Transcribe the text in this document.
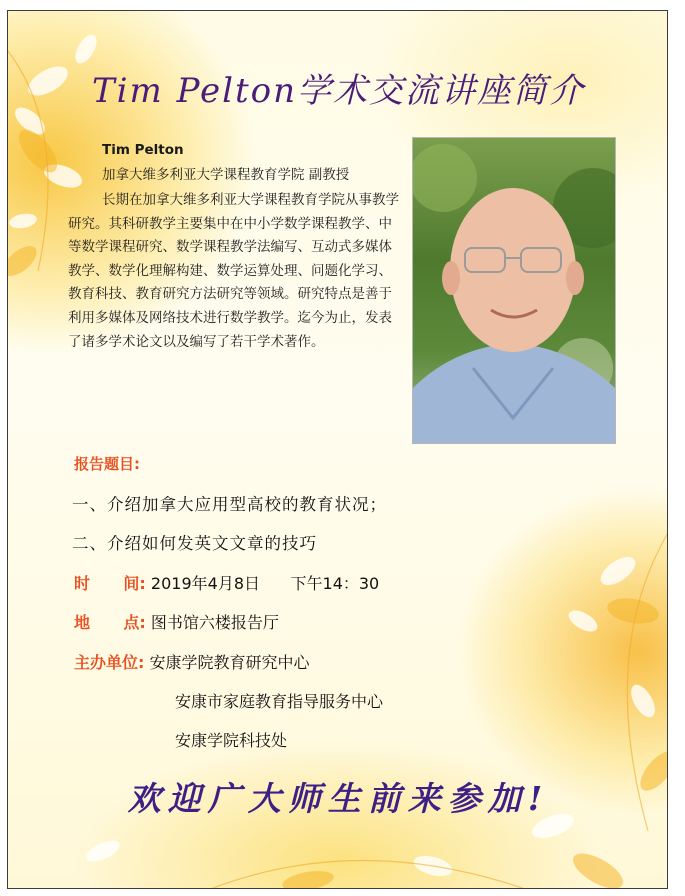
Tim Pelton学术交流讲座简介
Tim Pelton
加拿大维多利亚大学课程教育学院 副教授

长期在加拿大维多利亚大学课程教育学院从事教学研究。其科研教学主要集中在中小学数学课程教学、中等数学课程研究、数学课程教学法编写、互动式多媒体教学、数学化理解构建、数学运算处理、问题化学习、教育科技、教育研究方法研究等领域。研究特点是善于利用多媒体及网络技术进行数学教学。迄今为止，发表了诸多学术论文以及编写了若干学术著作。

报告题目:
一、介绍加拿大应用型高校的教育状况；
二、介绍如何发英文文章的技巧
时      间: 2019年4月8日      下午14：30
地      点: 图书馆六楼报告厅
主办单位: 安康学院教育研究中心
安康市家庭教育指导服务中心
安康学院科技处
欢迎广大师生前来参加!
